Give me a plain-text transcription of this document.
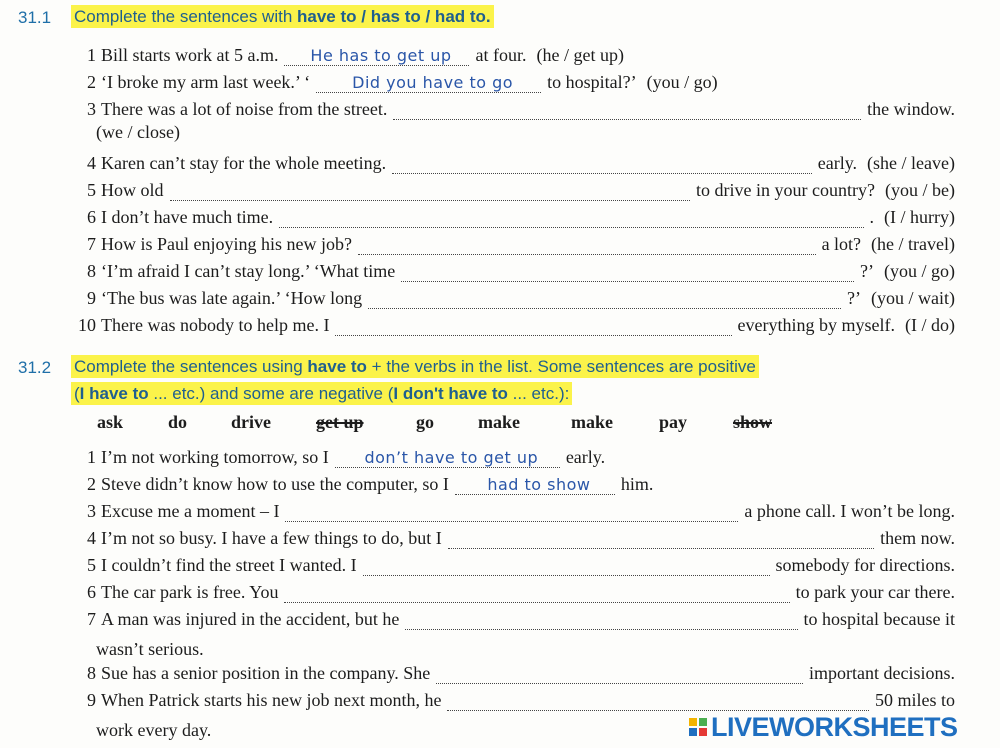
31.1 Complete the sentences with have to / has to / had to.
1 Bill starts work at 5 a.m.
He has to get up	at four. (he / get up)
2 ‘I broke my arm last week.’ ‘
Did you have to go	to hospital?’ (you / go)
3 There was a lot of noise from the street.	the window.
(we / close)
4 Karen can’t stay for the whole meeting.	early. (she / leave)
5 How old	to drive in your country? (you / be)
6 I don’t have much time.	. (I / hurry)
7 How is Paul enjoying his new job?	a lot? (he / travel)
8 ‘I’m afraid I can’t stay long.’ ‘What time	?’ (you / go)
9 ‘The bus was late again.’ ‘How long	?’ (you / wait)
10 There was nobody to help me. I	everything by myself. (I / do)
31.2 Complete the sentences using have to + the verbs in the list. Some sentences are positive
(I have to ... etc.) and some are negative (I don't have to ... etc.):
ask do drive	get up	go make	make	pay	show
1 I’m not working tomorrow, so I
don’t have to get up	early.
2 Steve didn’t know how to use the computer, so I
had to show	him.
3 Excuse me a moment – I	a phone call. I won’t be long.
4 I’m not so busy. I have a few things to do, but I	them now.
5 I couldn’t find the street I wanted. I	somebody for directions.
6 The car park is free. You	to park your car there.
7 A man was injured in the accident, but he	to hospital because it
wasn’t serious.
8 Sue has a senior position in the company. She	important decisions.
9 When Patrick starts his new job next month, he	50 miles to
work every day.	LIVEWORKSHEETS
